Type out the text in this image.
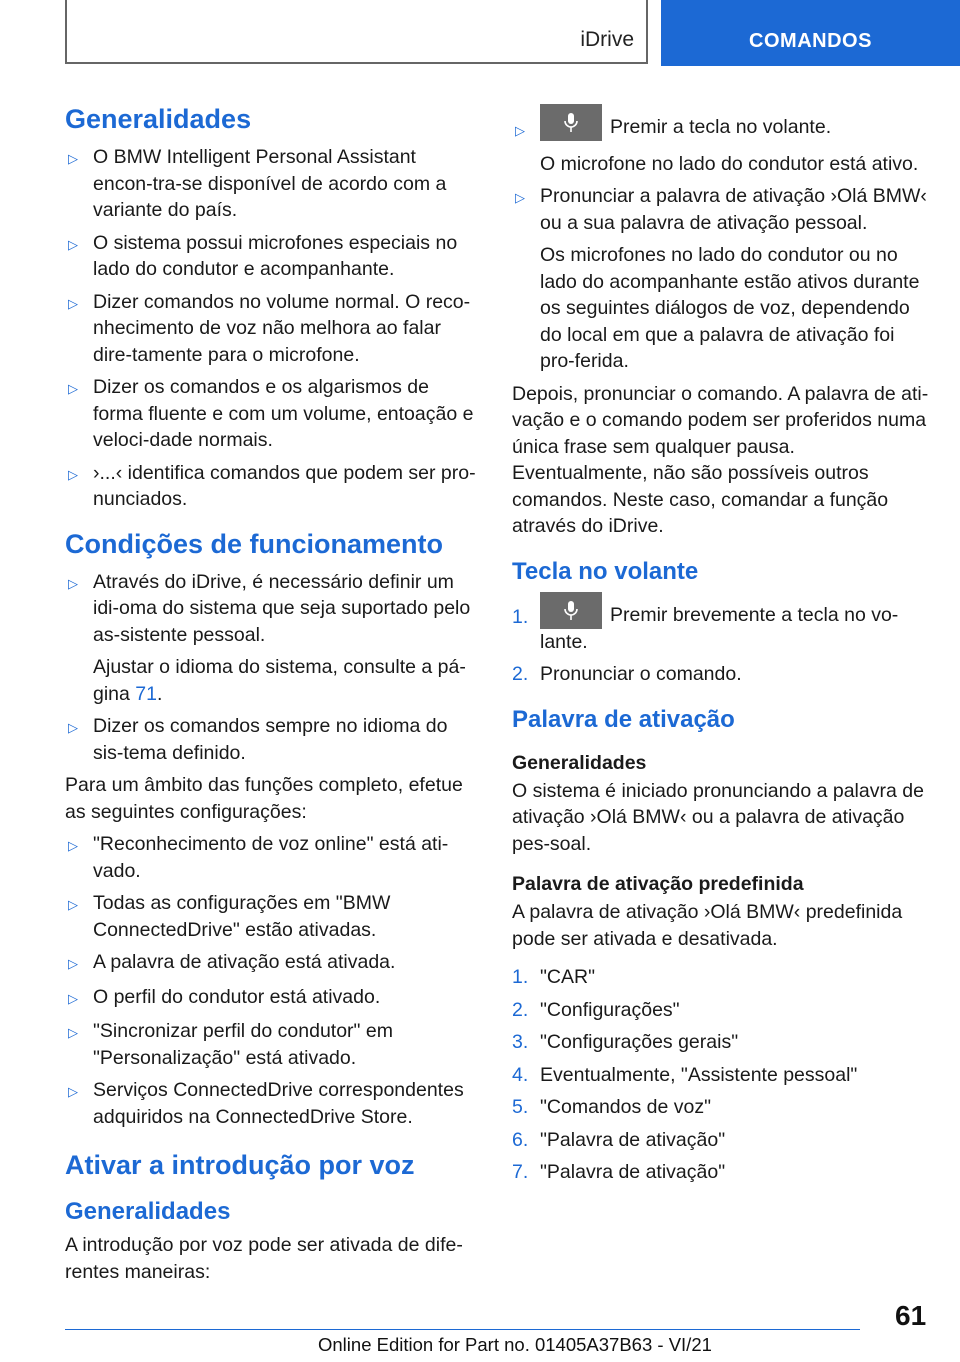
iDrive	COMANDOS
Generalidades
▷ O BMW Intelligent Personal Assistant encon-tra-se disponível de acordo com a variante do país.
▷ O sistema possui microfones especiais no lado do condutor e acompanhante.
▷ Dizer comandos no volume normal. O reco-nhecimento de voz não melhora ao falar dire-tamente para o microfone.
▷ Dizer os comandos e os algarismos de forma fluente e com um volume, entoação e veloci-dade normais.
▷ ›...‹ identifica comandos que podem ser pro-nunciados.
Condições de funcionamento
▷ Através do iDrive, é necessário definir um idi-oma do sistema que seja suportado pelo as-sistente pessoal.
Ajustar o idioma do sistema, consulte a pá-gina 71.
▷ Dizer os comandos sempre no idioma do sis-tema definido.
Para um âmbito das funções completo, efetue as seguintes configurações:
▷ "Reconhecimento de voz online" está ati-vado.
▷ Todas as configurações em "BMW ConnectedDrive" estão ativadas.
▷ A palavra de ativação está ativada.
▷ O perfil do condutor está ativado.
▷ "Sincronizar perfil do condutor" em "Personalização" está ativado.
▷ Serviços ConnectedDrive correspondentes adquiridos na ConnectedDrive Store.
Ativar a introdução por voz
Generalidades
A introdução por voz pode ser ativada de dife-rentes maneiras:
▷	Premir a tecla no volante.
O microfone no lado do condutor está ativo.
▷ Pronunciar a palavra de ativação ›Olá BMW‹ ou a sua palavra de ativação pessoal.
Os microfones no lado do condutor ou no lado do acompanhante estão ativos durante os seguintes diálogos de voz, dependendo do local em que a palavra de ativação foi pro-ferida.
Depois, pronunciar o comando. A palavra de ati-vação e o comando podem ser proferidos numa única frase sem qualquer pausa. Eventualmente, não são possíveis outros comandos. Neste caso, comandar a função através do iDrive.
Tecla no volante
1.	Premir brevemente a tecla no vo-lante.
2. Pronunciar o comando.
Palavra de ativação
Generalidades
O sistema é iniciado pronunciando a palavra de ativação ›Olá BMW‹ ou a palavra de ativação pes-soal.
Palavra de ativação predefinida
A palavra de ativação ›Olá BMW‹ predefinida pode ser ativada e desativada.
1. "CAR"
2. "Configurações"
3. "Configurações gerais"
4. Eventualmente, "Assistente pessoal"
5. "Comandos de voz"
6. "Palavra de ativação"
7. "Palavra de ativação"
61
Online Edition for Part no. 01405A37B63 - VI/21
